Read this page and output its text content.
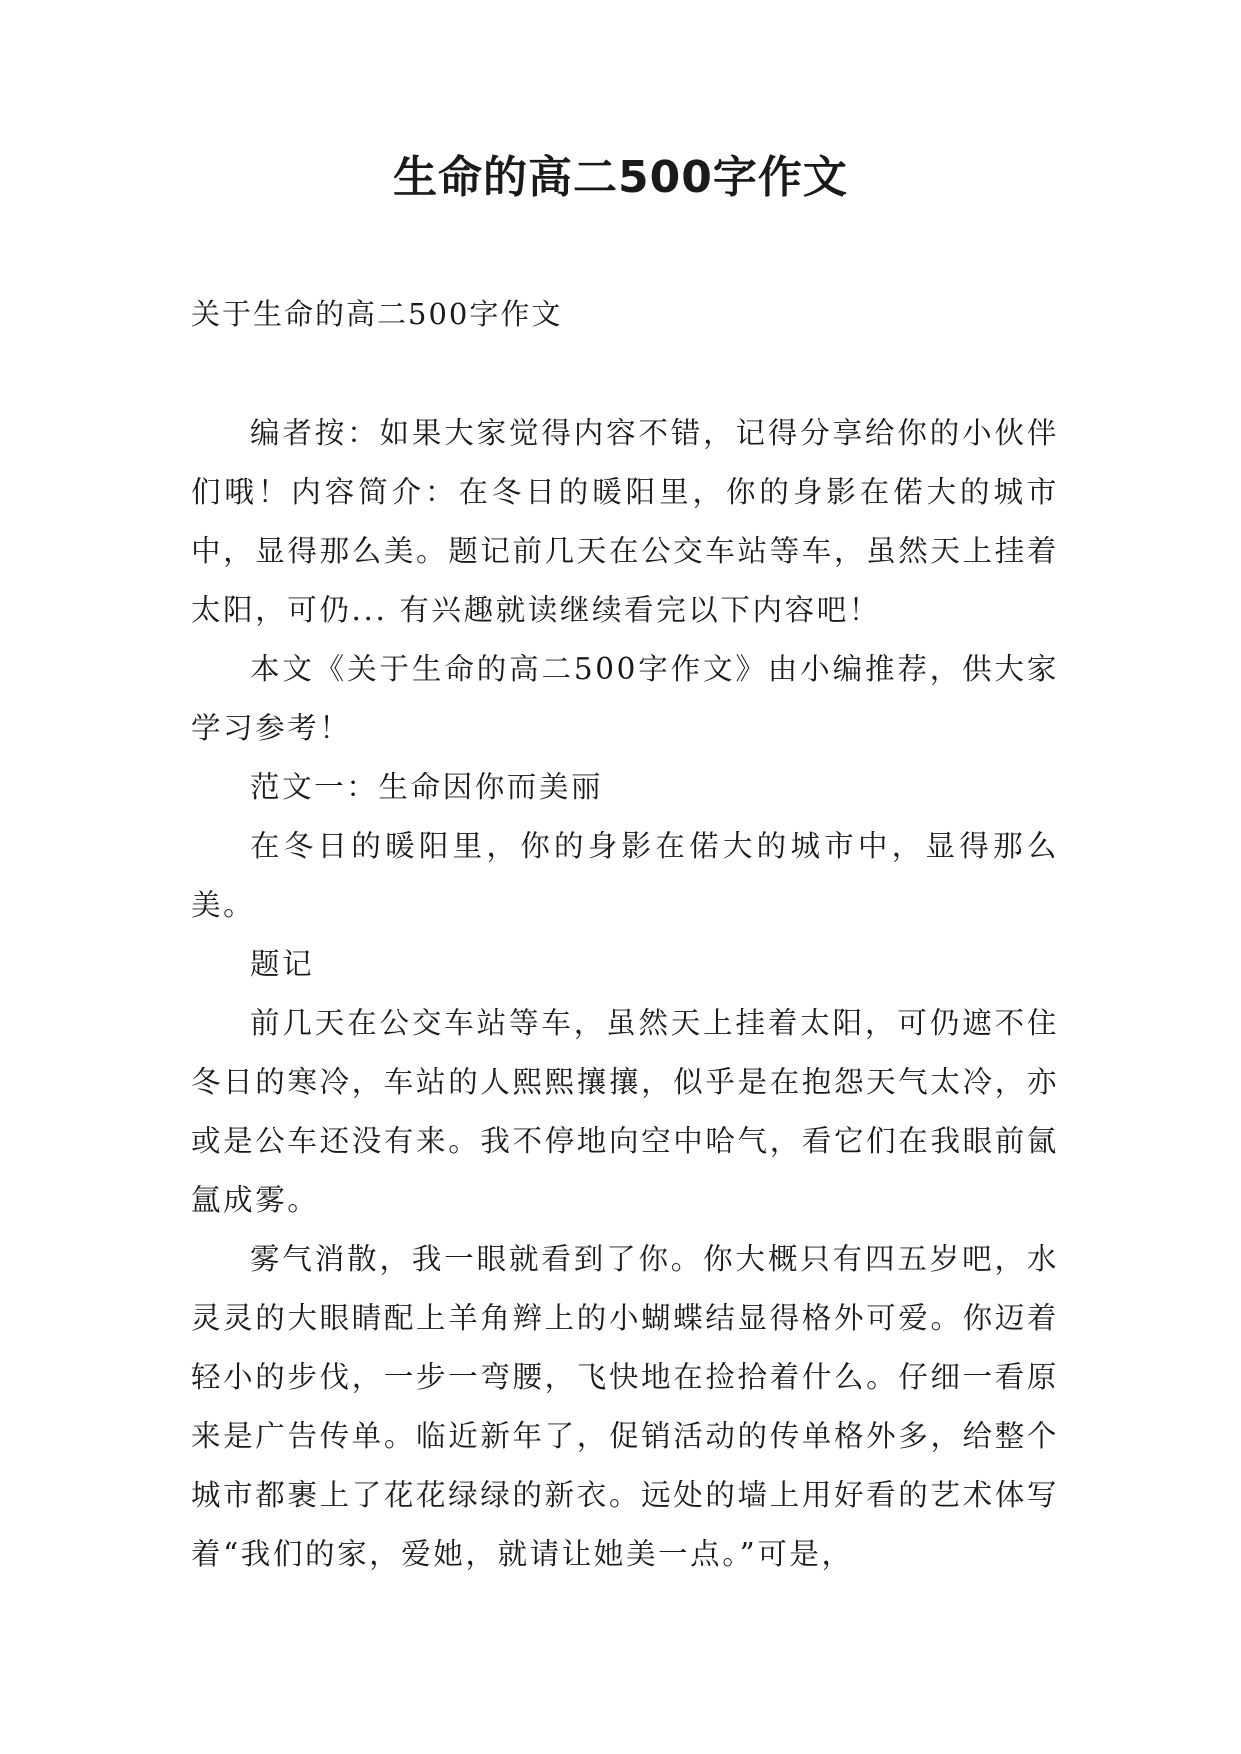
生命的高二500字作文

关于生命的高二500字作文

编者按：如果大家觉得内容不错，记得分享给你的小伙伴们哦！内容简介：在冬日的暖阳里，你的身影在偌大的城市中，显得那么美。题记前几天在公交车站等车，虽然天上挂着太阳，可仍... 有兴趣就读继续看完以下内容吧！

本文《关于生命的高二500字作文》由小编推荐，供大家学习参考！

范文一：生命因你而美丽

在冬日的暖阳里，你的身影在偌大的城市中，显得那么美。

题记

前几天在公交车站等车，虽然天上挂着太阳，可仍遮不住冬日的寒冷，车站的人熙熙攘攘，似乎是在抱怨天气太冷，亦或是公车还没有来。我不停地向空中哈气，看它们在我眼前氤氲成雾。

雾气消散，我一眼就看到了你。你大概只有四五岁吧，水灵灵的大眼睛配上羊角辫上的小蝴蝶结显得格外可爱。你迈着轻小的步伐，一步一弯腰，飞快地在捡拾着什么。仔细一看原来是广告传单。临近新年了，促销活动的传单格外多，给整个城市都裹上了花花绿绿的新衣。远处的墙上用好看的艺术体写着“我们的家，爱她，就请让她美一点。”可是，
